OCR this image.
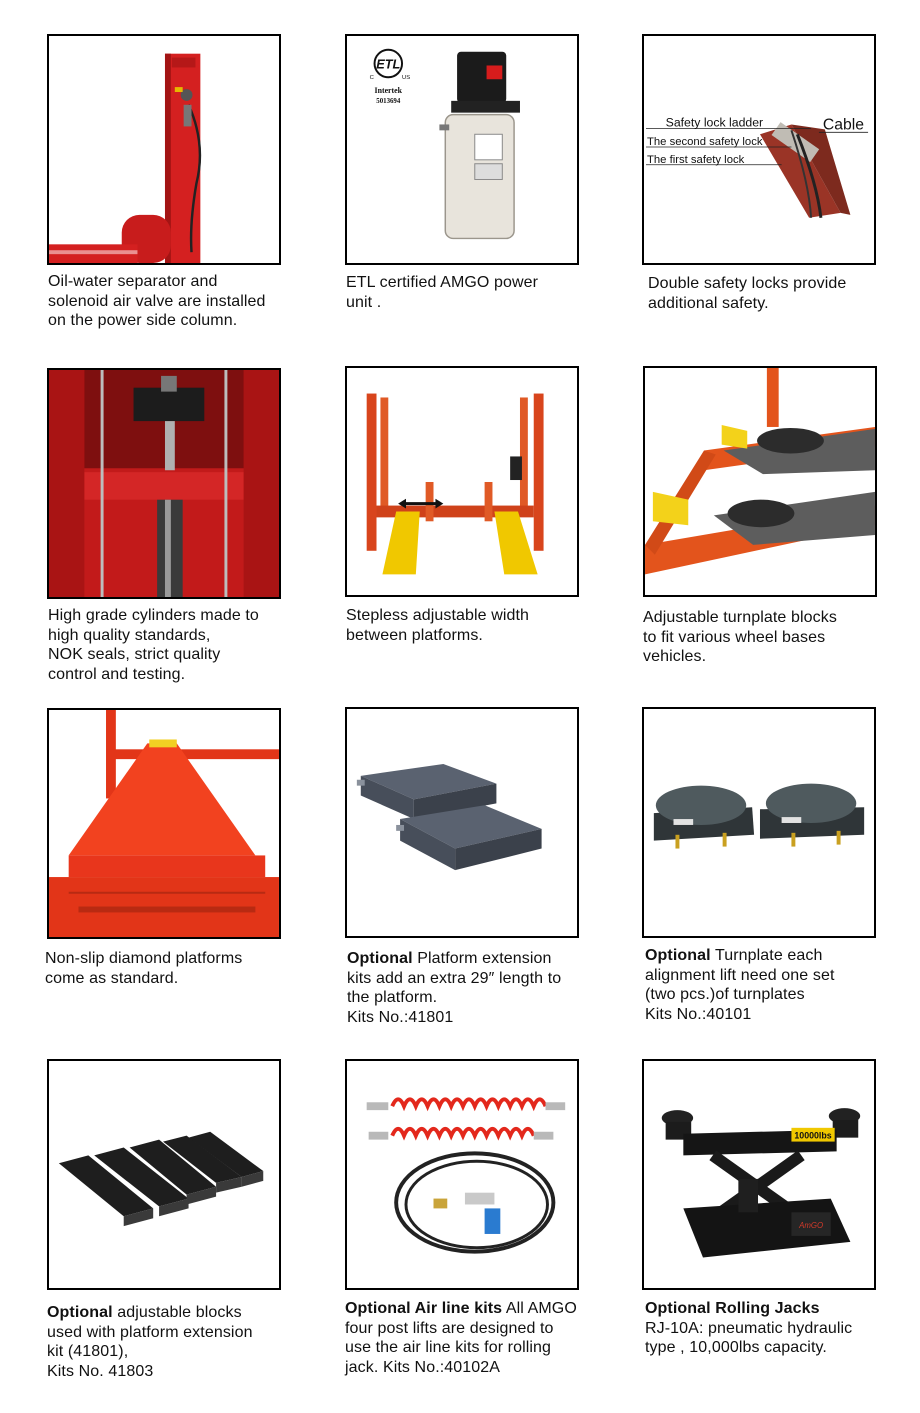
Oil-water separator and
solenoid air valve are installed
on the power side column.
ETL
C	US
Intertek
5013694
ETL certified AMGO power
unit .
Safety lock ladder	Cable
The second safety lock
The first safety lock
Double safety locks provide
additional safety.
High grade cylinders made to
high quality standards,
NOK seals, strict quality
control and testing.
Stepless adjustable width
between platforms.
Adjustable turnplate blocks
to fit various wheel bases
vehicles.
Non-slip diamond platforms
come as standard.
Optional Platform extension
kits add an extra 29″ length to
the platform.
Kits No.:41801
Optional Turnplate each
alignment lift need one set
(two pcs.)of turnplates
Kits No.:40101
Optional adjustable blocks
used with platform extension
kit (41801),
Kits No. 41803
Optional Air line kits All AMGO
four post lifts are designed to
use the air line kits for rolling
jack. Kits No.:40102A
10000lbs
AmGO
Optional Rolling Jacks
RJ-10A: pneumatic hydraulic
type , 10,000lbs capacity.
